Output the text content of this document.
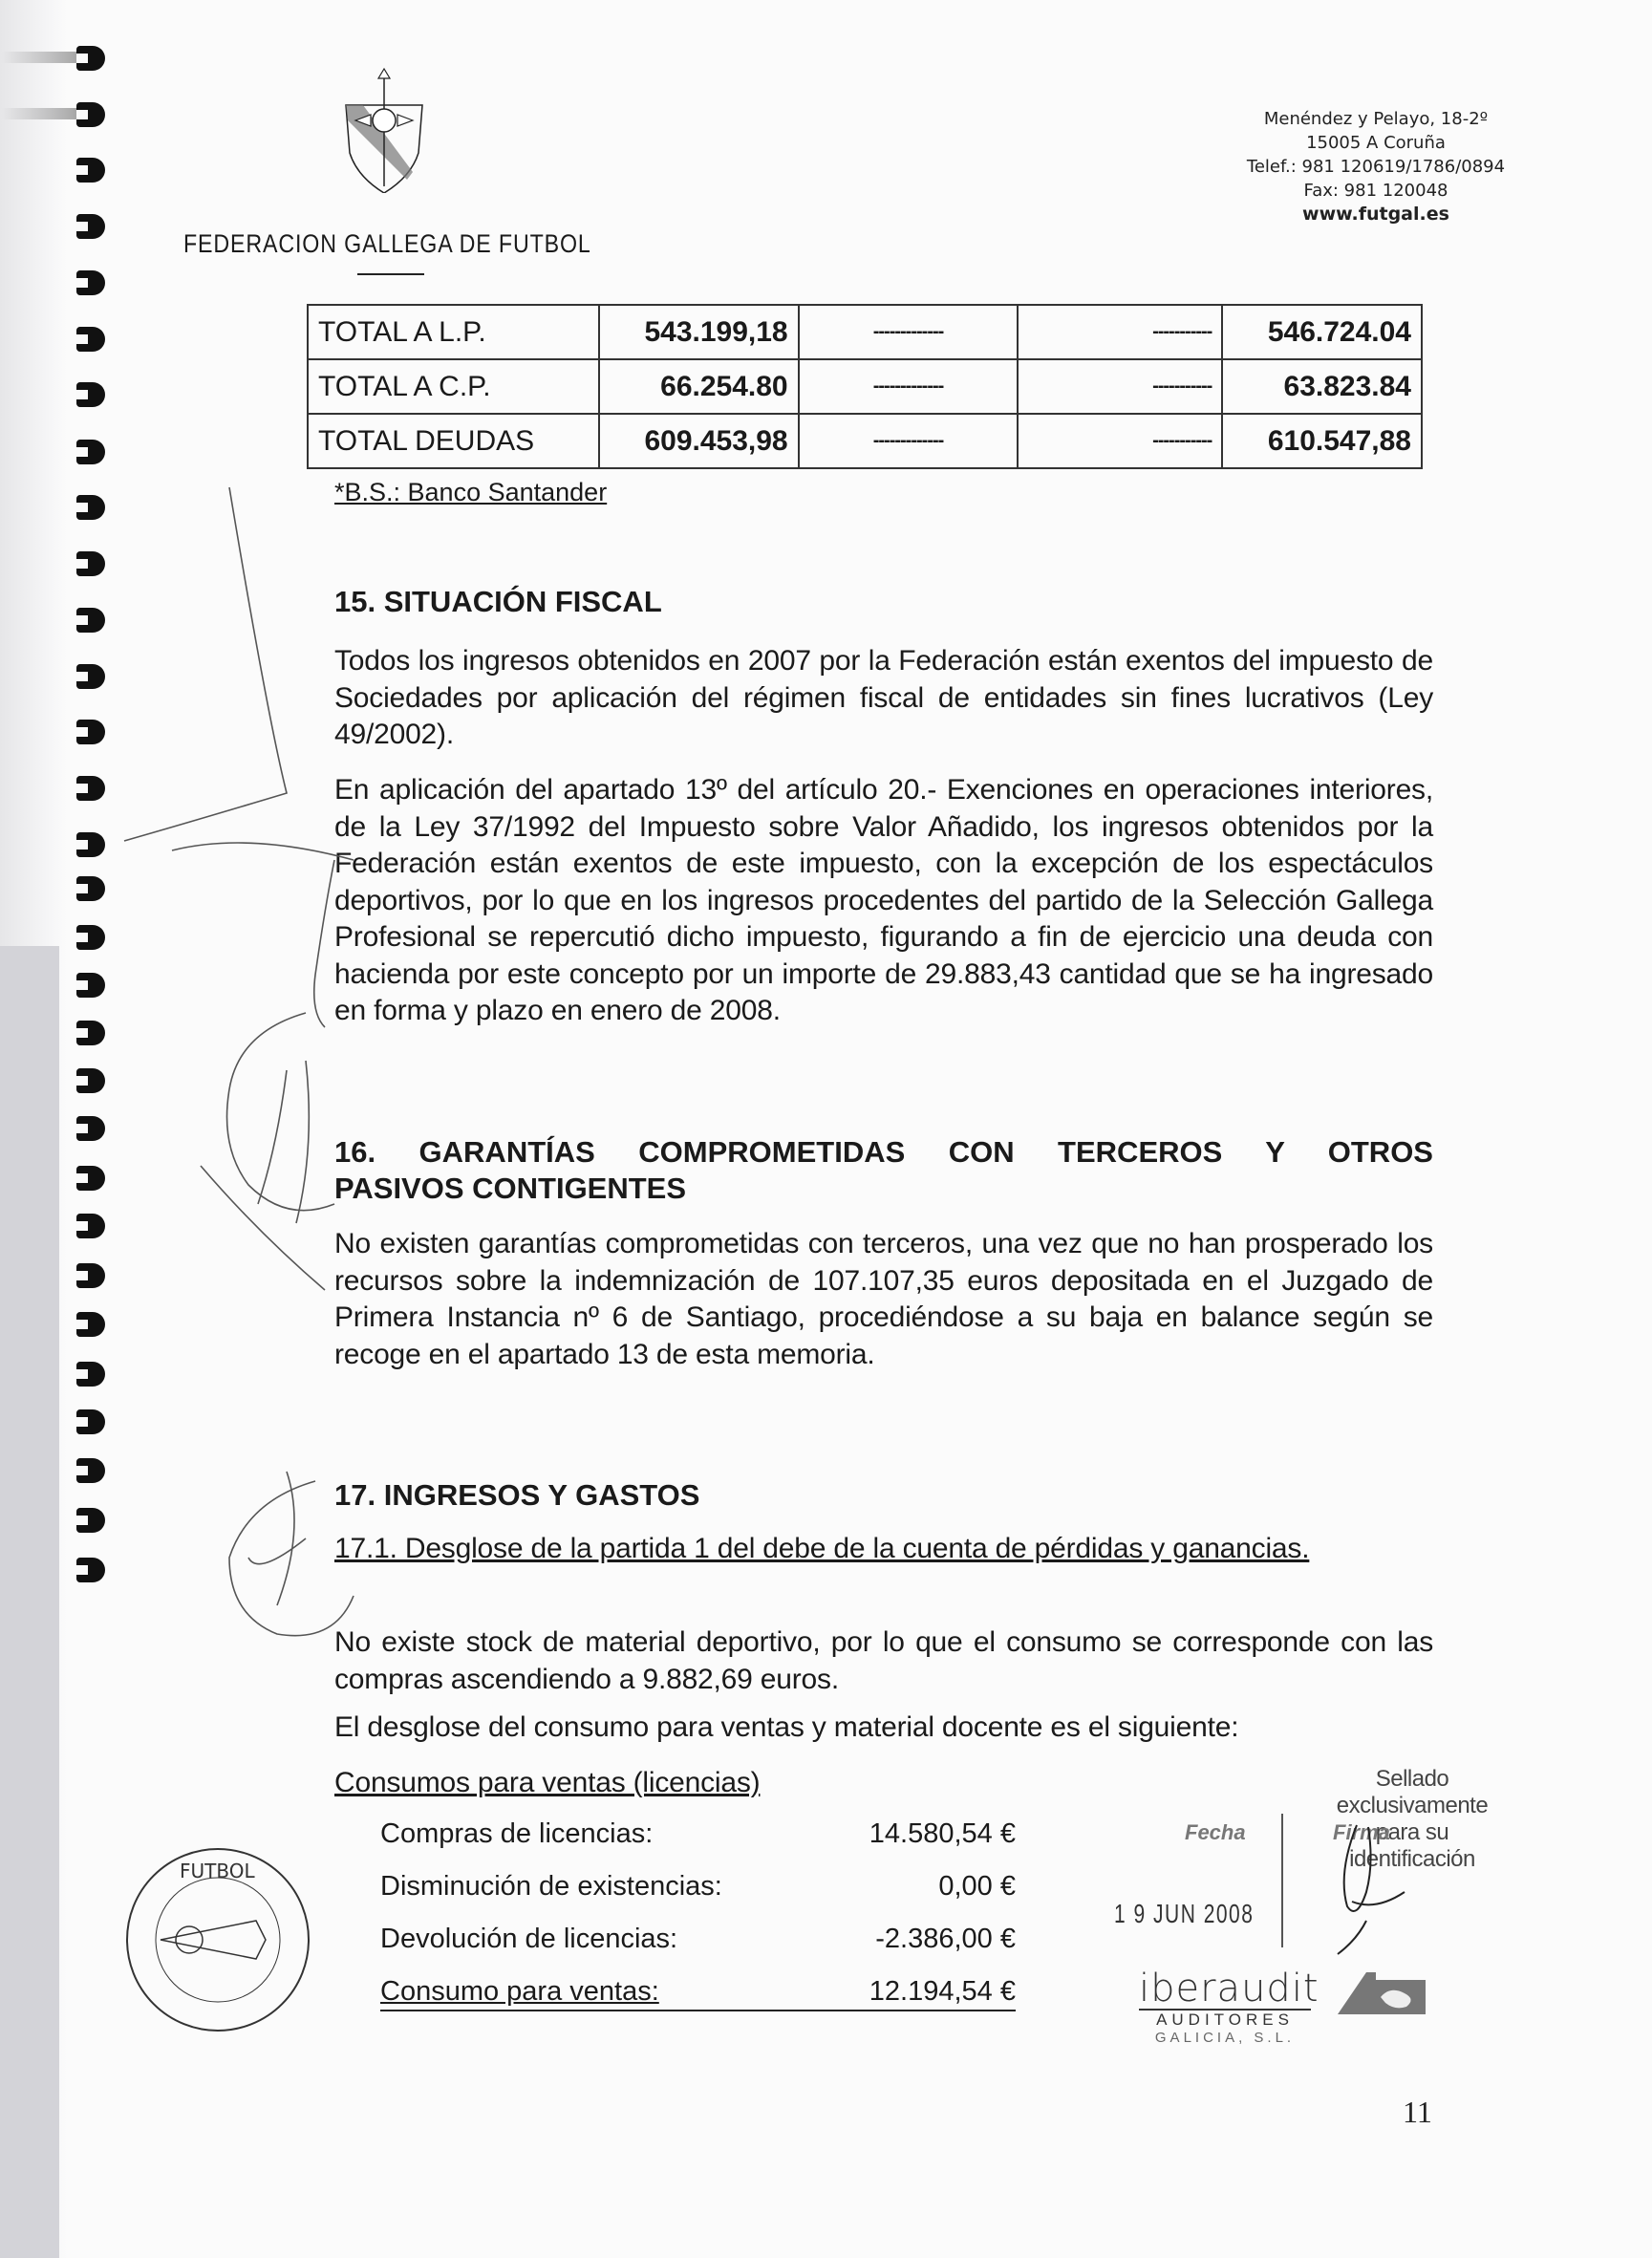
FEDERACION GALLEGA DE FUTBOL
Menéndez y Pelayo, 18-2º
15005 A Coruña
Telef.: 981 120619/1786/0894
Fax: 981 120048
www.futgal.es
TOTAL A L.P.	543.199,18	-------------	-----------	546.724.04
TOTAL A C.P.	66.254.80	-------------	-----------	63.823.84
TOTAL DEUDAS	609.453,98	-------------	-----------	610.547,88
*B.S.: Banco Santander
15. SITUACIÓN FISCAL
Todos los ingresos obtenidos en 2007 por la Federación están exentos del impuesto de Sociedades por aplicación del régimen fiscal de entidades sin fines lucrativos (Ley 49/2002).
En aplicación del apartado 13º del artículo 20.- Exenciones en operaciones interiores, de la Ley 37/1992 del Impuesto sobre Valor Añadido, los ingresos obtenidos por la Federación están exentos de este impuesto, con la excepción de los espectáculos deportivos, por lo que en los ingresos procedentes del partido de la Selección Gallega Profesional se repercutió dicho impuesto, figurando a fin de ejercicio una deuda con hacienda por este concepto por un importe de 29.883,43 cantidad que se ha ingresado en forma y plazo en enero de 2008.
16. GARANTÍAS COMPROMETIDAS CON TERCEROS Y OTROS
PASIVOS CONTIGENTES
No existen garantías comprometidas con terceros, una vez que no han prosperado los recursos sobre la indemnización de 107.107,35 euros depositada en el Juzgado de Primera Instancia nº 6 de Santiago, procediéndose a su baja en balance según se recoge en el apartado 13 de esta memoria.
17. INGRESOS Y GASTOS
17.1. Desglose de la partida 1 del debe de la cuenta de pérdidas y ganancias.
No existe stock de material deportivo, por lo que el consumo se corresponde con las compras ascendiendo a 9.882,69 euros.
El desglose del consumo para ventas y material docente es el siguiente:
Consumos para ventas (licencias)
Compras de licencias:	14.580,54 €
Disminución de existencias:	0,00 €
Devolución de licencias:	-2.386,00 €
Consumo para ventas:	12.194,54 €
Sellado exclusivamente
para su identificación
Fecha	Firma
1 9 JUN 2008
iberaudit
AUDITORES
GALICIA, S.L.
FUTBOL
11
